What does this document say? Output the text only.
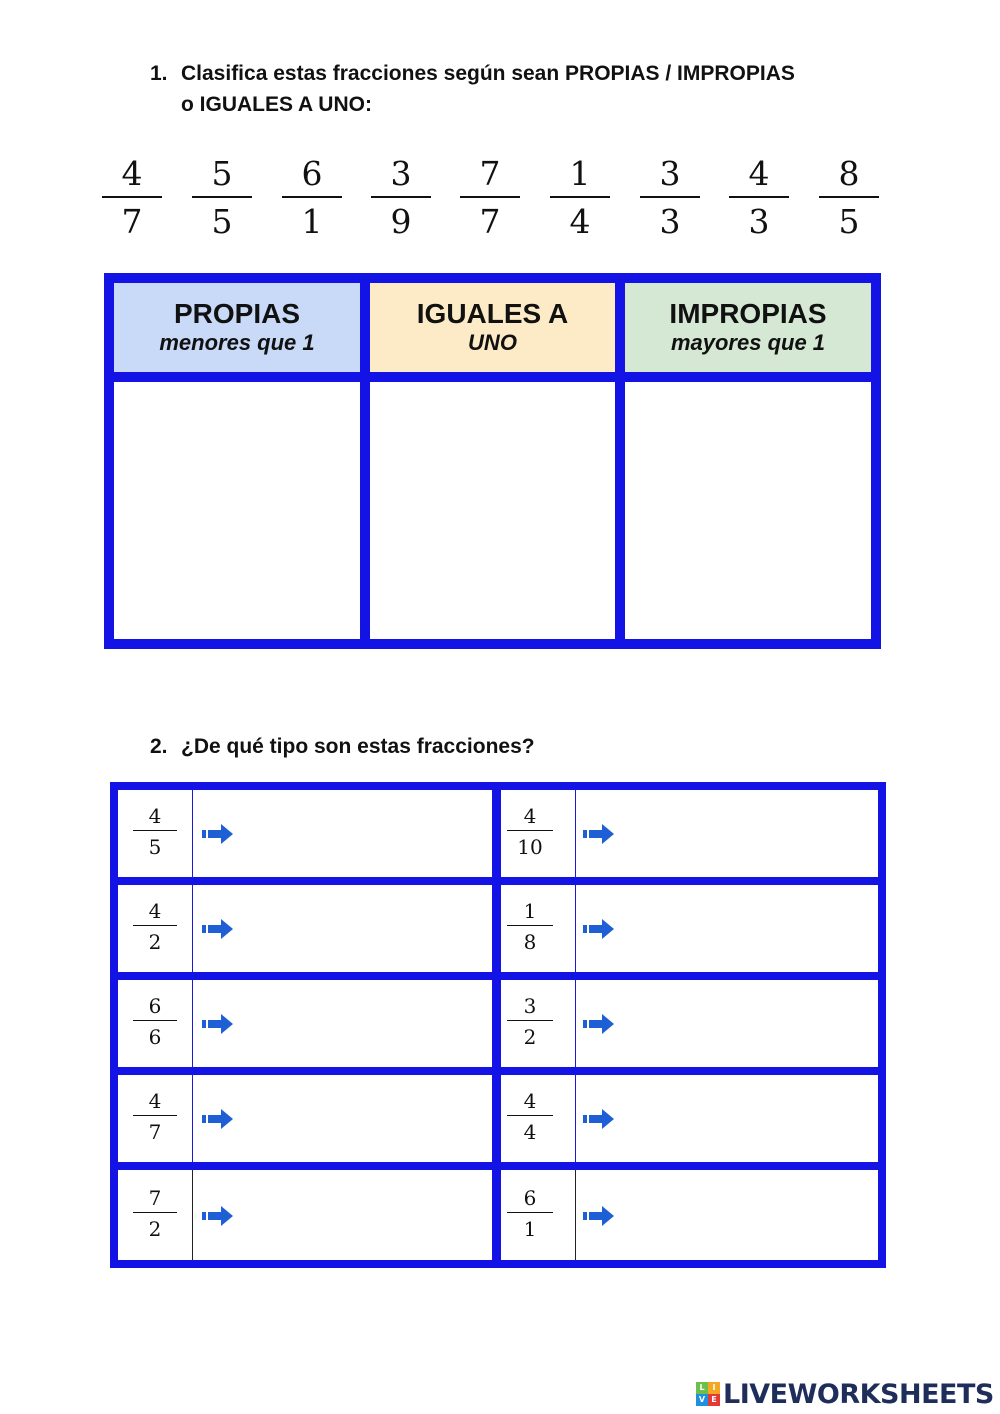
1. Clasifica estas fracciones según sean PROPIAS / IMPROPIAS
o IGUALES A UNO:
4
7
5
5
6
1
3
9
7
7
1
4
3
3
4
3
8
5
PROPIAS
menores que 1
IGUALES A
UNO
IMPROPIAS
mayores que 1
2. ¿De qué tipo son estas fracciones?
4
5
4
10
4
2
1
8
6
6
3
2
4
7
4
4
7
2
6
1
L I
V E LIVEWORKSHEETS
